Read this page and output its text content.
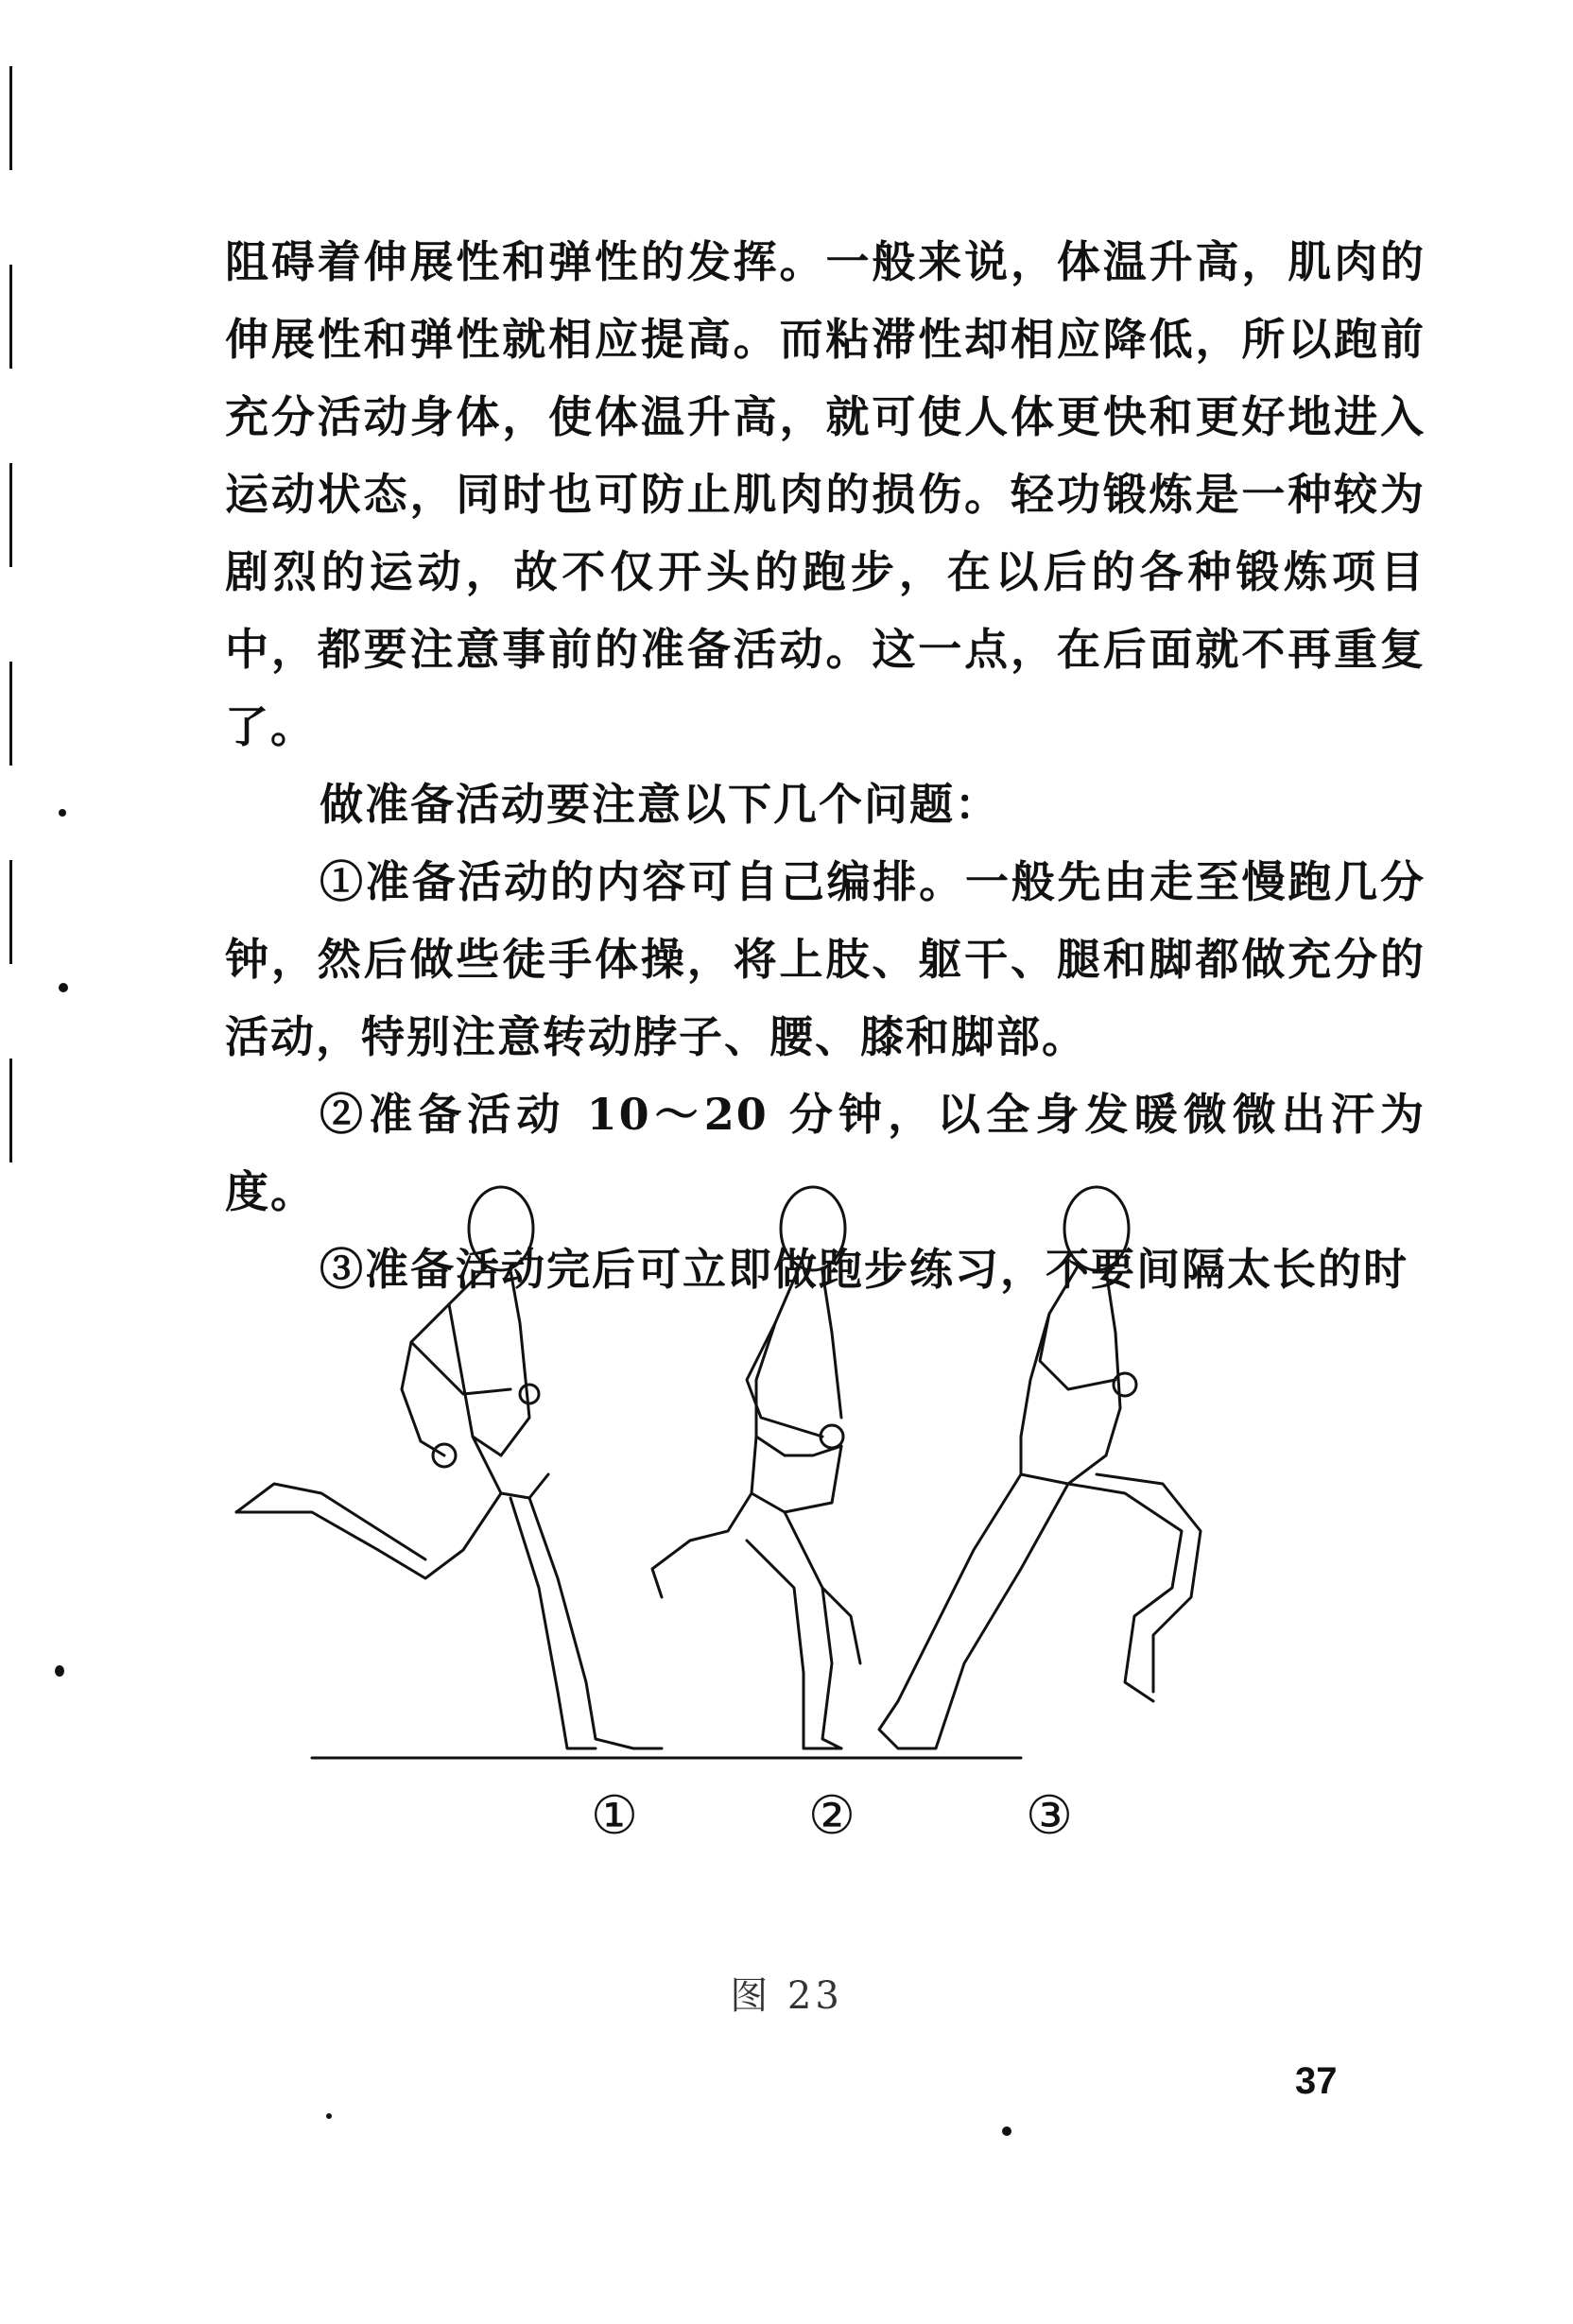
阻碍着伸展性和弹性的发挥。一般来说，体温升高，肌肉的伸展性和弹性就相应提高。而粘滞性却相应降低，所以跑前充分活动身体，使体温升高，就可使人体更快和更好地进入运动状态，同时也可防止肌肉的损伤。轻功锻炼是一种较为剧烈的运动，故不仅开头的跑步，在以后的各种锻炼项目中，都要注意事前的准备活动。这一点，在后面就不再重复了。

做准备活动要注意以下几个问题：

①准备活动的内容可自己编排。一般先由走至慢跑几分钟，然后做些徒手体操，将上肢、躯干、腿和脚都做充分的活动，特别注意转动脖子、腰、膝和脚部。

②准备活动 10～20 分钟，以全身发暖微微出汗为度。

③准备活动完后可立即做跑步练习，不要间隔太长的时

①	②	③
图 23
37
